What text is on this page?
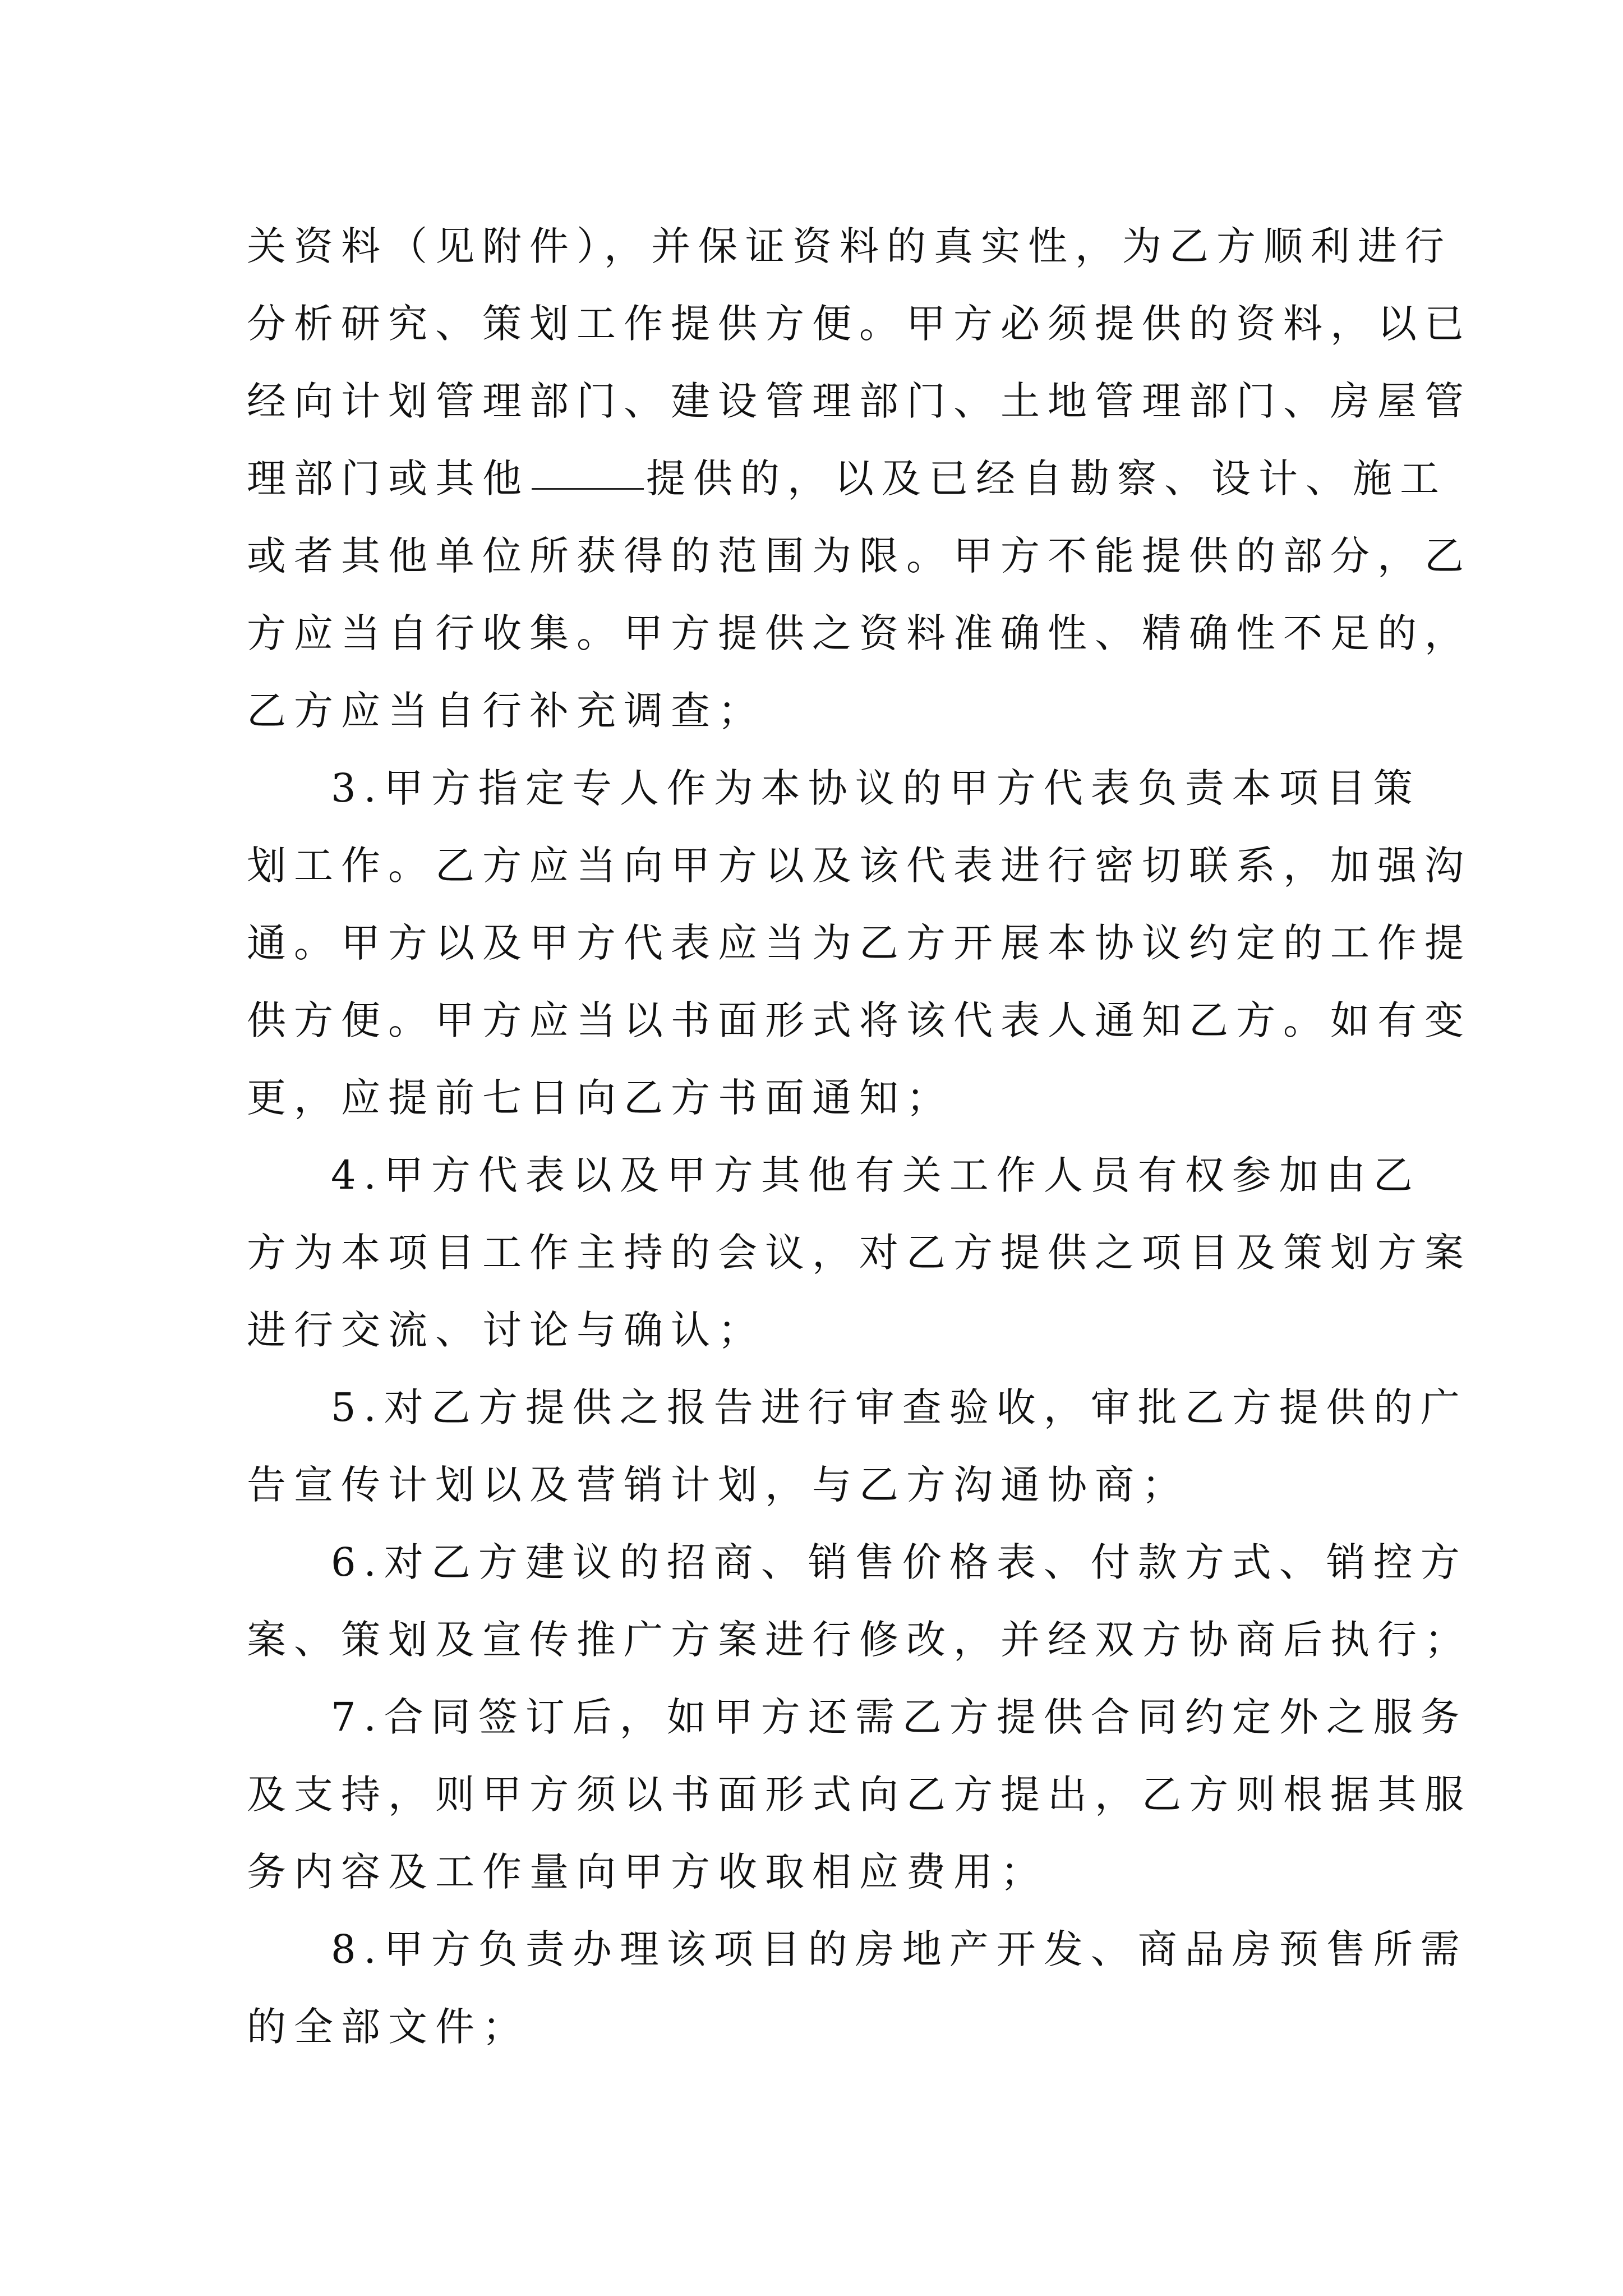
关资料（见附件），并保证资料的真实性，为乙方顺利进行
分析研究、策划工作提供方便。甲方必须提供的资料，以已
经向计划管理部门、建设管理部门、土地管理部门、房屋管
理部门或其他	提供的，以及已经自勘察、设计、施工
或者其他单位所获得的范围为限。甲方不能提供的部分，乙
方应当自行收集。甲方提供之资料准确性、精确性不足的，
乙方应当自行补充调查；
3.甲方指定专人作为本协议的甲方代表负责本项目策
划工作。乙方应当向甲方以及该代表进行密切联系，加强沟
通。甲方以及甲方代表应当为乙方开展本协议约定的工作提
供方便。甲方应当以书面形式将该代表人通知乙方。如有变
更，应提前七日向乙方书面通知；
4.甲方代表以及甲方其他有关工作人员有权参加由乙
方为本项目工作主持的会议，对乙方提供之项目及策划方案
进行交流、讨论与确认；
5.对乙方提供之报告进行审查验收，审批乙方提供的广
告宣传计划以及营销计划，与乙方沟通协商；
6.对乙方建议的招商、销售价格表、付款方式、销控方
案、策划及宣传推广方案进行修改，并经双方协商后执行；
7.合同签订后，如甲方还需乙方提供合同约定外之服务
及支持，则甲方须以书面形式向乙方提出，乙方则根据其服
务内容及工作量向甲方收取相应费用；
8.甲方负责办理该项目的房地产开发、商品房预售所需
的全部文件；
